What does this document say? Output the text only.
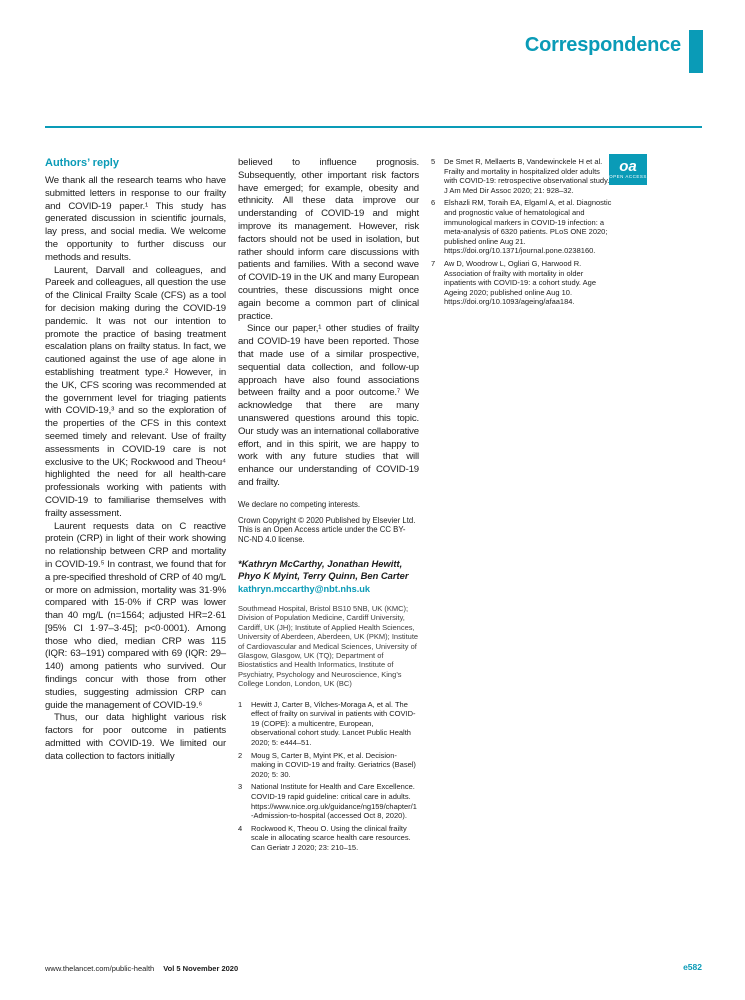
Correspondence
oa
OPEN ACCESS
Authors’ reply

We thank all the research teams who have submitted letters in response to our frailty and COVID-19 paper.¹ This study has generated discussion in scientific journals, lay press, and social media. We welcome the opportunity to further discuss our methods and results.

Laurent, Darvall and colleagues, and Pareek and colleagues, all question the use of the Clinical Frailty Scale (CFS) as a tool for decision making during the COVID-19 pandemic. It was not our intention to promote the practice of basing treatment escalation plans on frailty status. In fact, we cautioned against the use of age alone in establishing treatment type.² However, in the UK, CFS scoring was recommended at the government level for triaging patients with COVID-19,³ and so the exploration of the properties of the CFS in this context seemed timely and relevant. Use of frailty assessments in COVID-19 care is not exclusive to the UK; Rockwood and Theou⁴ highlighted the need for all health-care professionals working with patients with COVID-19 to familiarise themselves with frailty assessment.

Laurent requests data on C reactive protein (CRP) in light of their work showing no relationship between CRP and mortality in COVID-19.⁵ In contrast, we found that for a pre-specified threshold of CRP of 40 mg/L or more on admission, mortality was 31·9% compared with 15·0% if CRP was lower than 40 mg/L (n=1564; adjusted HR=2·61 [95% CI 1·97–3·45]; p<0·0001). Among those who died, median CRP was 115 (IQR: 63–191) compared with 69 (IQR: 29–140) among patients who survived. Our findings concur with those from other studies, suggesting admission CRP can guide the management of COVID-19.⁶

Thus, our data highlight various risk factors for poor outcome in patients admitted with COVID-19. We limited our data collection to factors initially

believed to influence prognosis. Subsequently, other important risk factors have emerged; for example, obesity and ethnicity. All these data improve our understanding of COVID-19 and might improve its management. However, risk factors should not be used in isolation, but rather should inform care discussions with patients and families. With a second wave of COVID-19 in the UK and many European countries, these discussions might once again become a common part of clinical practice.

Since our paper,¹ other studies of frailty and COVID-19 have been reported. Those that made use of a similar prospective, sequential data collection, and follow-up approach have also found associations between frailty and a poor outcome.⁷ We acknowledge that there are many unanswered questions around this topic. Our study was an international collaborative effort, and in this spirit, we are happy to work with any future studies that will enhance our understanding of COVID-19 and frailty.

We declare no competing interests.

Crown Copyright © 2020 Published by Elsevier Ltd. This is an Open Access article under the CC BY-NC-ND 4.0 license.

*Kathryn McCarthy, Jonathan Hewitt, Phyo K Myint, Terry Quinn, Ben Carter

kathryn.mccarthy@nbt.nhs.uk

Southmead Hospital, Bristol BS10 5NB, UK (KMC); Division of Population Medicine, Cardiff University, Cardiff, UK (JH); Institute of Applied Health Sciences, University of Aberdeen, Aberdeen, UK (PKM); Institute of Cardiovascular and Medical Sciences, University of Glasgow, Glasgow, UK (TQ); Department of Biostatistics and Health Informatics, Institute of Psychiatry, Psychology and Neuroscience, King’s College London, London, UK (BC)

1	Hewitt J, Carter B, Vilches-Moraga A, et al. The effect of frailty on survival in patients with COVID-19 (COPE): a multicentre, European, observational cohort study. Lancet Public Health 2020; 5: e444–51.
2	Moug S, Carter B, Myint PK, et al. Decision-making in COVID-19 and frailty. Geriatrics (Basel) 2020; 5: 30.
3	National Institute for Health and Care Excellence. COVID-19 rapid guideline: critical care in adults. https://www.nice.org.uk/guidance/ng159/chapter/1-Admission-to-hospital (accessed Oct 8, 2020).
4	Rockwood K, Theou O. Using the clinical frailty scale in allocating scarce health care resources. Can Geriatr J 2020; 23: 210–15.
5	De Smet R, Mellaerts B, Vandewinckele H et al. Frailty and mortality in hospitalized older adults with COVID-19: retrospective observational study. J Am Med Dir Assoc 2020; 21: 928–32.
6	Elshazli RM, Toraih EA, Elgaml A, et al. Diagnostic and prognostic value of hematological and immunological markers in COVID-19 infection: a meta-analysis of 6320 patients. PLoS ONE 2020; published online Aug 21. https://doi.org/10.1371/journal.pone.0238160.
7	Aw D, Woodrow L, Ogliari G, Harwood R. Association of frailty with mortality in older inpatients with COVID-19: a cohort study. Age Ageing 2020; published online Aug 10. https://doi.org/10.1093/ageing/afaa184.
www.thelancet.com/public-health Vol 5 November 2020	e582
